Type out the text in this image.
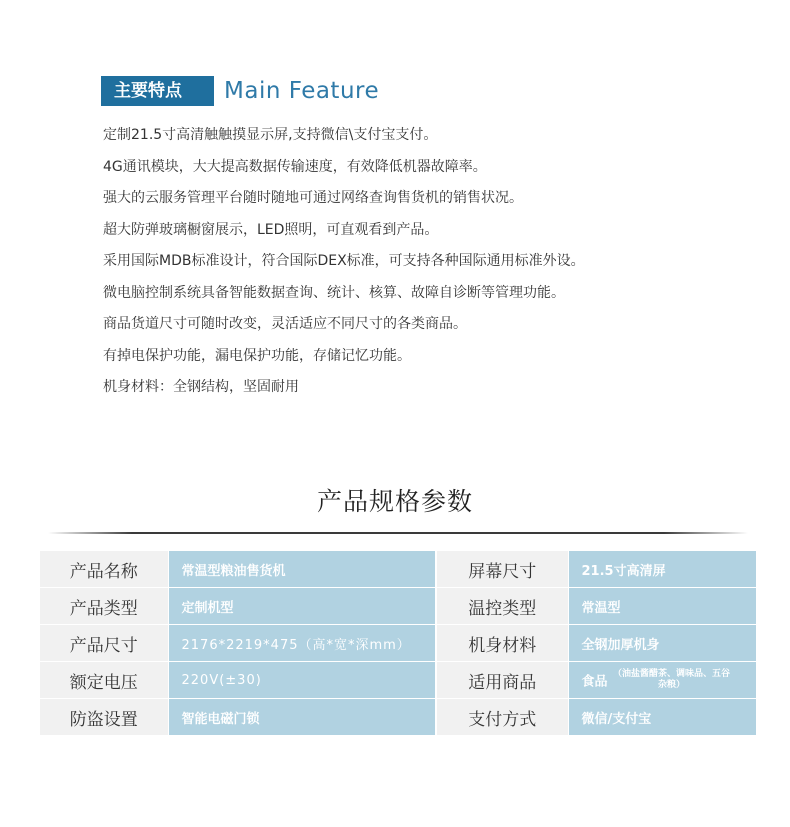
主要特点	Main Feature
定制21.5寸高清触触摸显示屏,支持微信\支付宝支付。
4G通讯模块，大大提高数据传输速度，有效降低机器故障率。
强大的云服务管理平台随时随地可通过网络查询售货机的销售状况。
超大防弹玻璃橱窗展示，LED照明，可直观看到产品。
采用国际MDB标准设计，符合国际DEX标准，可支持各种国际通用标准外设。
微电脑控制系统具备智能数据查询、统计、核算、故障自诊断等管理功能。
商品货道尺寸可随时改变，灵活适应不同尺寸的各类商品。
有掉电保护功能，漏电保护功能，存储记忆功能。
机身材料：全钢结构，坚固耐用
产品规格参数
产品名称	常温型粮油售货机	屏幕尺寸	21.5寸高清屏
产品类型	定制机型	温控类型	常温型
产品尺寸	2176*2219*475（高*宽*深mm）	机身材料	全钢加厚机身
额定电压	220V(±30)	适用商品	食品（油盐酱醋茶、调味品、五谷杂粮）
防盗设置	智能电磁门锁	支付方式	微信/支付宝
